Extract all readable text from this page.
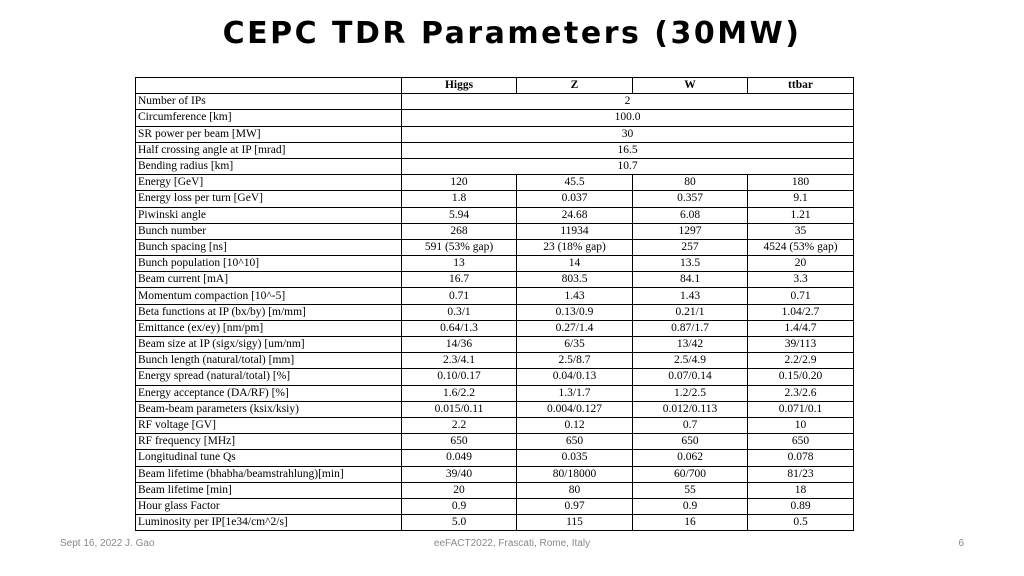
CEPC TDR Parameters (30MW)
	Higgs	Z	W	ttbar
Number of IPs	2			
Circumference [km]	100.0			
SR power per beam [MW]	30			
Half crossing angle at IP [mrad]	16.5			
Bending radius [km]	10.7			
Energy [GeV]	120	45.5	80	180
Energy loss per turn [GeV]	1.8	0.037	0.357	9.1
Piwinski angle	5.94	24.68	6.08	1.21
Bunch number	268	11934	1297	35
Bunch spacing [ns]	591 (53% gap)	23 (18% gap)	257	4524 (53% gap)
Bunch population [10^10]	13	14	13.5	20
Beam current [mA]	16.7	803.5	84.1	3.3
Momentum compaction [10^-5]	0.71	1.43	1.43	0.71
Beta functions at IP (bx/by) [m/mm]	0.3/1	0.13/0.9	0.21/1	1.04/2.7
Emittance (ex/ey) [nm/pm]	0.64/1.3	0.27/1.4	0.87/1.7	1.4/4.7
Beam size at IP (sigx/sigy) [um/nm]	14/36	6/35	13/42	39/113
Bunch length (natural/total) [mm]	2.3/4.1	2.5/8.7	2.5/4.9	2.2/2.9
Energy spread (natural/total) [%]	0.10/0.17	0.04/0.13	0.07/0.14	0.15/0.20
Energy acceptance (DA/RF) [%]	1.6/2.2	1.3/1.7	1.2/2.5	2.3/2.6
Beam-beam parameters (ksix/ksiy)	0.015/0.11	0.004/0.127	0.012/0.113	0.071/0.1
RF voltage [GV]	2.2	0.12	0.7	10
RF frequency [MHz]	650	650	650	650
Longitudinal tune Qs	0.049	0.035	0.062	0.078
Beam lifetime (bhabha/beamstrahlung)[min]	39/40	80/18000	60/700	81/23
Beam lifetime [min]	20	80	55	18
Hour glass Factor	0.9	0.97	0.9	0.89
Luminosity per IP[1e34/cm^2/s]	5.0	115	16	0.5
Sept 16, 2022 J. Gao	eeFACT2022, Frascati, Rome, Italy	6
